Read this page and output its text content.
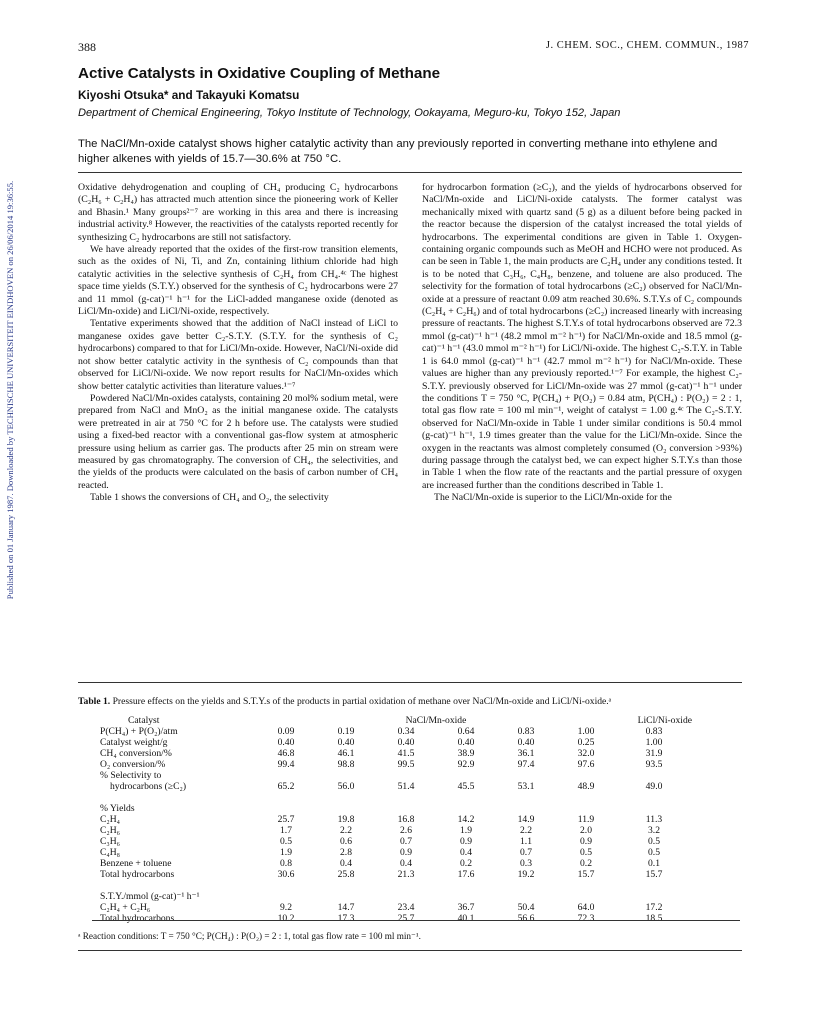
Published on 01 January 1987. Downloaded by TECHNISCHE UNIVERSITEIT EINDHOVEN on 26/06/2014 19:36:55.
388	J. CHEM. SOC., CHEM. COMMUN., 1987
Active Catalysts in Oxidative Coupling of Methane
Kiyoshi Otsuka* and Takayuki Komatsu
Department of Chemical Engineering, Tokyo Institute of Technology, Ookayama, Meguro-ku, Tokyo 152, Japan
The NaCl/Mn-oxide catalyst shows higher catalytic activity than any previously reported in converting methane into ethylene and higher alkenes with yields of 15.7—30.6% at 750 °C.

Oxidative dehydrogenation and coupling of CH₄ producing C₂ hydrocarbons (C₂H₆ + C₂H₄) has attracted much attention since the pioneering work of Keller and Bhasin.¹ Many groups²⁻⁷ are working in this area and there is increasing industrial activity.⁸ However, the reactivities of the catalysts reported recently for synthesizing C₂ hydrocarbons are still not satisfactory.

We have already reported that the oxides of the first-row transition elements, such as the oxides of Ni, Ti, and Zn, containing lithium chloride had high catalytic activities in the selective synthesis of C₂H₄ from CH₄.⁴ᶜ The highest space time yields (S.T.Y.) observed for the synthesis of C₂ hydrocarbons were 27 and 11 mmol (g-cat)⁻¹ h⁻¹ for the LiCl-added manganese oxide (denoted as LiCl/Mn-oxide) and LiCl/Ni-oxide, respectively.

Tentative experiments showed that the addition of NaCl instead of LiCl to manganese oxides gave better C₂-S.T.Y. (S.T.Y. for the synthesis of C₂ hydrocarbons) compared to that for LiCl/Mn-oxide. However, NaCl/Ni-oxide did not show better catalytic activity in the synthesis of C₂ compounds than that observed for LiCl/Ni-oxide. We now report results for NaCl/Mn-oxides which show better catalytic activities than literature values.¹⁻⁷

Powdered NaCl/Mn-oxides catalysts, containing 20 mol% sodium metal, were prepared from NaCl and MnO₂ as the initial manganese oxide. The catalysts were pretreated in air at 750 °C for 2 h before use. The catalysts were studied using a fixed-bed reactor with a conventional gas-flow system at atmospheric pressure using helium as carrier gas. The products after 25 min on stream were measured by gas chromatography. The conversion of CH₄, the selectivities, and the yields of the products were calculated on the basis of carbon number of CH₄ reacted.

Table 1 shows the conversions of CH₄ and O₂, the selectivity

for hydrocarbon formation (≥C₂), and the yields of hydrocarbons observed for NaCl/Mn-oxide and LiCl/Ni-oxide catalysts. The former catalyst was mechanically mixed with quartz sand (5 g) as a diluent before being packed in the reactor because the dispersion of the catalyst increased the total yields of hydrocarbons. The experimental conditions are given in Table 1. Oxygen-containing organic compounds such as MeOH and HCHO were not produced. As can be seen in Table 1, the main products are C₂H₄ under any conditions tested. It is to be noted that C₃H₆, C₄H₈, benzene, and toluene are also produced. The selectivity for the formation of total hydrocarbons (≥C₂) observed for NaCl/Mn-oxide at a pressure of reactant 0.09 atm reached 30.6%. S.T.Y.s of C₂ compounds (C₂H₄ + C₂H₆) and of total hydrocarbons (≥C₂) increased linearly with increasing pressure of reactants. The highest S.T.Y.s of total hydrocarbons observed are 72.3 mmol (g-cat)⁻¹ h⁻¹ (48.2 mmol m⁻² h⁻¹) for NaCl/Mn-oxide and 18.5 mmol (g-cat)⁻¹ h⁻¹ (43.0 mmol m⁻² h⁻¹) for LiCl/Ni-oxide. The highest C₂-S.T.Y. in Table 1 is 64.0 mmol (g-cat)⁻¹ h⁻¹ (42.7 mmol m⁻² h⁻¹) for NaCl/Mn-oxide. These values are higher than any previously reported.¹⁻⁷ For example, the highest C₂-S.T.Y. previously observed for LiCl/Mn-oxide was 27 mmol (g-cat)⁻¹ h⁻¹ under the conditions T = 750 °C, P(CH₄) + P(O₂) = 0.84 atm, P(CH₄) : P(O₂) = 2 : 1, total gas flow rate = 100 ml min⁻¹, weight of catalyst = 1.00 g.⁴ᶜ The C₂-S.T.Y. observed for NaCl/Mn-oxide in Table 1 under similar conditions is 50.4 mmol (g-cat)⁻¹ h⁻¹, 1.9 times greater than the value for the LiCl/Mn-oxide. Since the oxygen in the reactants was almost completely consumed (O₂ conversion >93%) during passage through the catalyst bed, we can expect higher S.T.Y.s than those in Table 1 when the flow rate of the reactants and the partial pressure of oxygen are increased further than the conditions described in Table 1.

The NaCl/Mn-oxide is superior to the LiCl/Mn-oxide for the

Table 1. Pressure effects on the yields and S.T.Y.s of the products in partial oxidation of methane over NaCl/Mn-oxide and LiCl/Ni-oxide.ᵃ
Catalyst	NaCl/Mn-oxide						LiCl/Ni-oxide
P(CH₄) + P(O₂)/atm	0.09	0.19	0.34	0.64	0.83	1.00	0.83
Catalyst weight/g	0.40	0.40	0.40	0.40	0.40	0.25	1.00
CH₄ conversion/%	46.8	46.1	41.5	38.9	36.1	32.0	31.9
O₂ conversion/%	99.4	98.8	99.5	92.9	97.4	97.6	93.5
% Selectivity to							
hydrocarbons (≥C₂)	65.2	56.0	51.4	45.5	53.1	48.9	49.0

% Yields							
C₂H₄	25.7	19.8	16.8	14.2	14.9	11.9	11.3
C₂H₆	1.7	2.2	2.6	1.9	2.2	2.0	3.2
C₃H₆	0.5	0.6	0.7	0.9	1.1	0.9	0.5
C₄H₈	1.9	2.8	0.9	0.4	0.7	0.5	0.5
Benzene + toluene	0.8	0.4	0.4	0.2	0.3	0.2	0.1
Total hydrocarbons	30.6	25.8	21.3	17.6	19.2	15.7	15.7

S.T.Y./mmol (g-cat)⁻¹ h⁻¹							
C₂H₄ + C₂H₆	9.2	14.7	23.4	36.7	50.4	64.0	17.2
Total hydrocarbons	10.2	17.3	25.7	40.1	56.6	72.3	18.5
ᵃ Reaction conditions: T = 750 °C; P(CH₄) : P(O₂) = 2 : 1, total gas flow rate = 100 ml min⁻¹.
